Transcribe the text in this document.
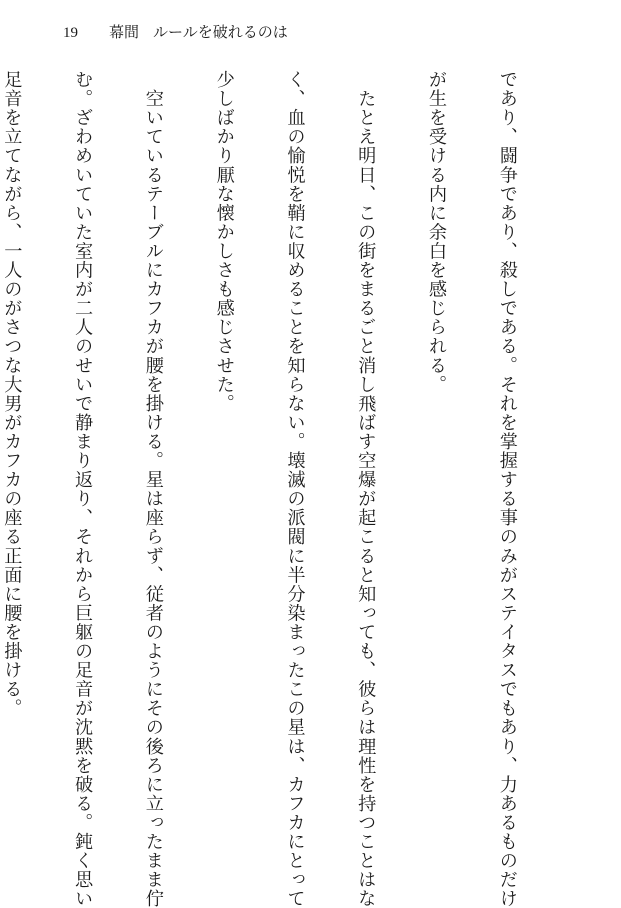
19 幕間 ルールを破れるのは

であり、闘争であり、殺しである。それを掌握する事のみがステイタスでもあり、力あるものだけ

が生を受ける内に余白を感じられる。

　たとえ明日、この街をまるごと消し飛ばす空爆が起こると知っても、彼らは理性を持つことはな

く、血の愉悦を鞘に収めることを知らない。壊滅の派閥に半分染まったこの星は、カフカにとって

少しばかり厭な懐かしさも感じさせた。

　空いているテーブルにカフカが腰を掛ける。星は座らず、従者のようにその後ろに立ったまま佇

む。ざわめいていた室内が二人のせいで静まり返り、それから巨躯の足音が沈黙を破る。鈍く思い

足音を立てながら、一人のがさつな大男がカフカの座る正面に腰を掛ける。
